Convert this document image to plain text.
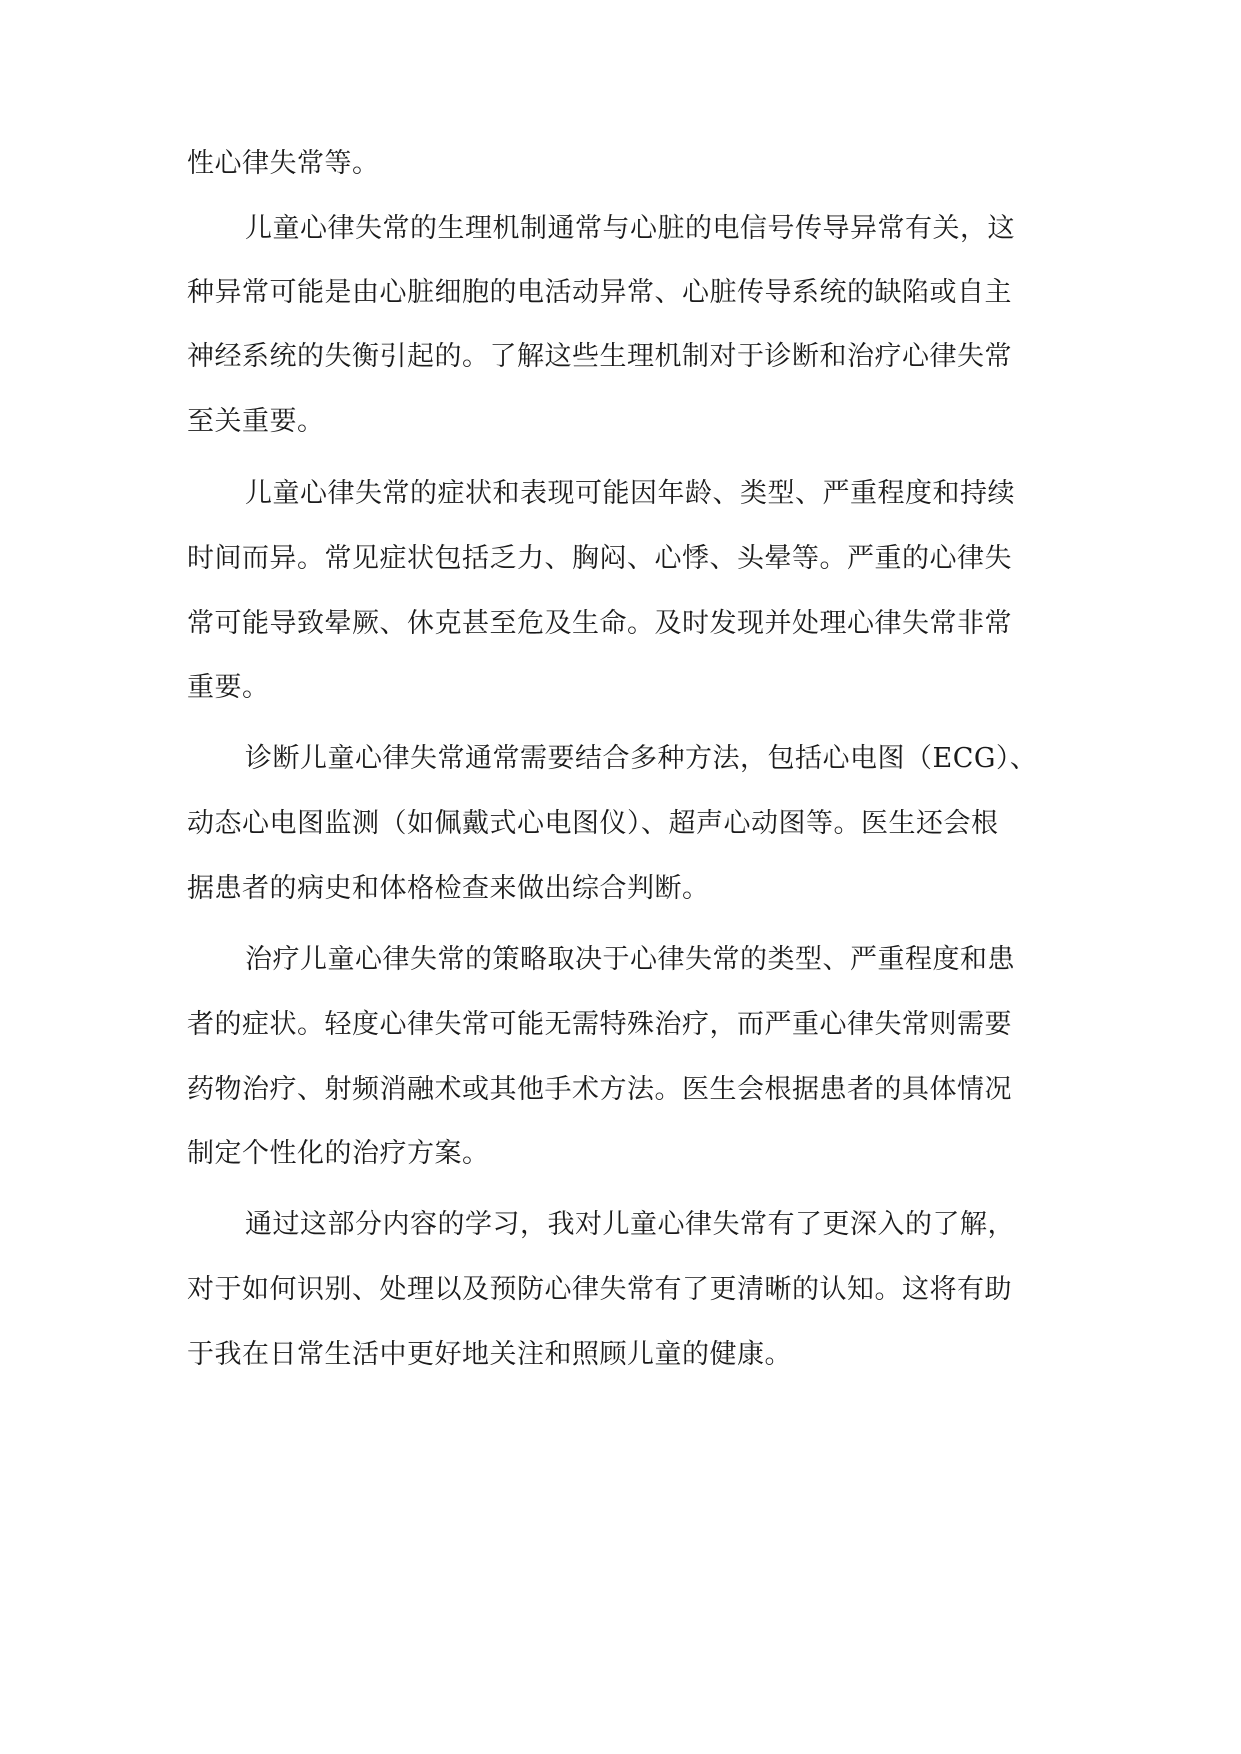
性心律失常等。
儿童心律失常的生理机制通常与心脏的电信号传导异常有关，这
种异常可能是由心脏细胞的电活动异常、心脏传导系统的缺陷或自主
神经系统的失衡引起的。了解这些生理机制对于诊断和治疗心律失常
至关重要。
儿童心律失常的症状和表现可能因年龄、类型、严重程度和持续
时间而异。常见症状包括乏力、胸闷、心悸、头晕等。严重的心律失
常可能导致晕厥、休克甚至危及生命。及时发现并处理心律失常非常
重要。
诊断儿童心律失常通常需要结合多种方法，包括心电图（ECG）、
动态心电图监测（如佩戴式心电图仪）、超声心动图等。医生还会根
据患者的病史和体格检查来做出综合判断。
治疗儿童心律失常的策略取决于心律失常的类型、严重程度和患
者的症状。轻度心律失常可能无需特殊治疗，而严重心律失常则需要
药物治疗、射频消融术或其他手术方法。医生会根据患者的具体情况
制定个性化的治疗方案。
通过这部分内容的学习，我对儿童心律失常有了更深入的了解，
对于如何识别、处理以及预防心律失常有了更清晰的认知。这将有助
于我在日常生活中更好地关注和照顾儿童的健康。
